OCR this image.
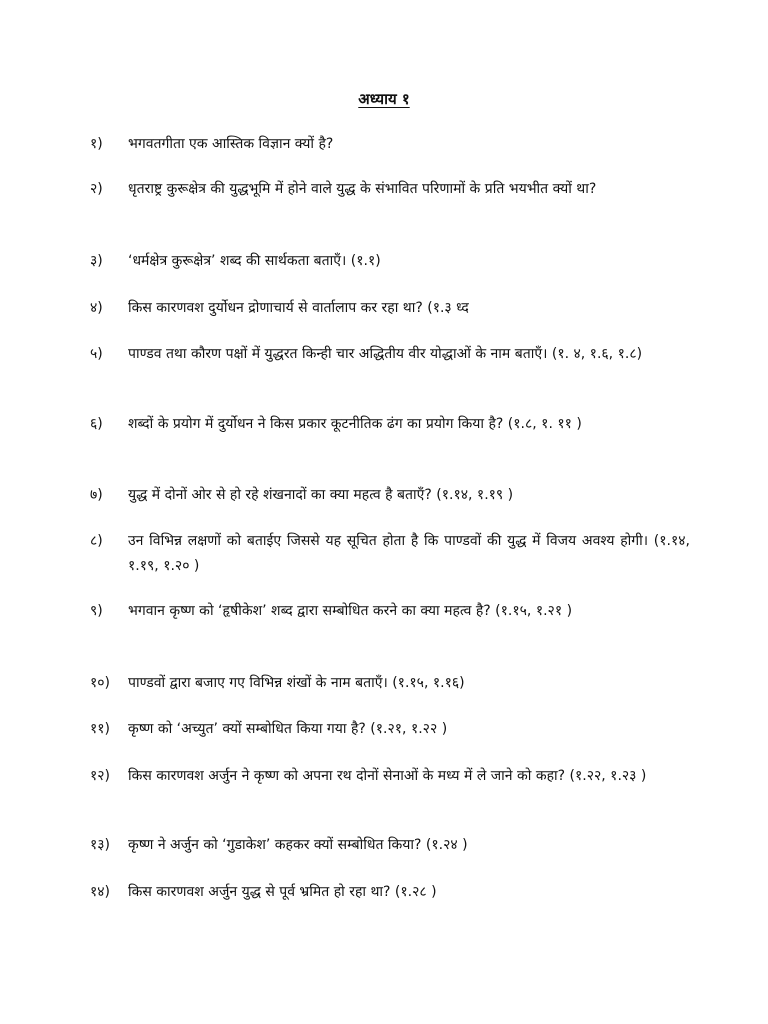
अध्याय १
१)	भगवतगीता एक आस्तिक विज्ञान क्यों है?
२)	धृतराष्ट्र कुरूक्षेत्र की युद्धभूमि में होने वाले युद्ध के संभावित परिणामों के प्रति भयभीत क्यों था?
३)	‘धर्मक्षेत्र कुरूक्षेत्र’ शब्द की सार्थकता बताएँ। (१.१)
४)	किस कारणवश दुर्योधन द्रोणाचार्य से वार्तालाप कर रहा था? (१.३ ध्द
५)	पाण्डव तथा कौरण पक्षों में युद्धरत किन्ही चार अद्धितीय वीर योद्धाओं के नाम बताएँ। (१. ४, १.६, १.८)
६)	शब्दों के प्रयोग में दुर्योधन ने किस प्रकार कूटनीतिक ढंग का प्रयोग किया है? (१.८, १. ११ )
७)	युद्ध में दोनों ओर से हो रहे शंखनादों का क्या महत्व है बताएँ? (१.१४, १.१९ )
८)	उन विभिन्न लक्षणों को बताईए जिससे यह सूचित होता है कि पाण्डवों की युद्ध में विजय अवश्य होगी। (१.१४, १.१९, १.२० )
९)	भगवान कृष्ण को ‘हृषीकेश’ शब्द द्वारा सम्बोधित करने का क्या महत्व है? (१.१५, १.२१ )
१०)	पाण्डवों द्वारा बजाए गए विभिन्न शंखों के नाम बताएँ। (१.१५, १.१६)
११)	कृष्ण को ‘अच्युत’ क्यों सम्बोधित किया गया है? (१.२१, १.२२ )
१२)	किस कारणवश अर्जुन ने कृष्ण को अपना रथ दोनों सेनाओं के मध्य में ले जाने को कहा? (१.२२, १.२३ )
१३)	कृष्ण ने अर्जुन को ‘गुडाकेश’ कहकर क्यों सम्बोधित किया? (१.२४ )
१४)	किस कारणवश अर्जुन युद्ध से पूर्व भ्रमित हो रहा था? (१.२८ )
